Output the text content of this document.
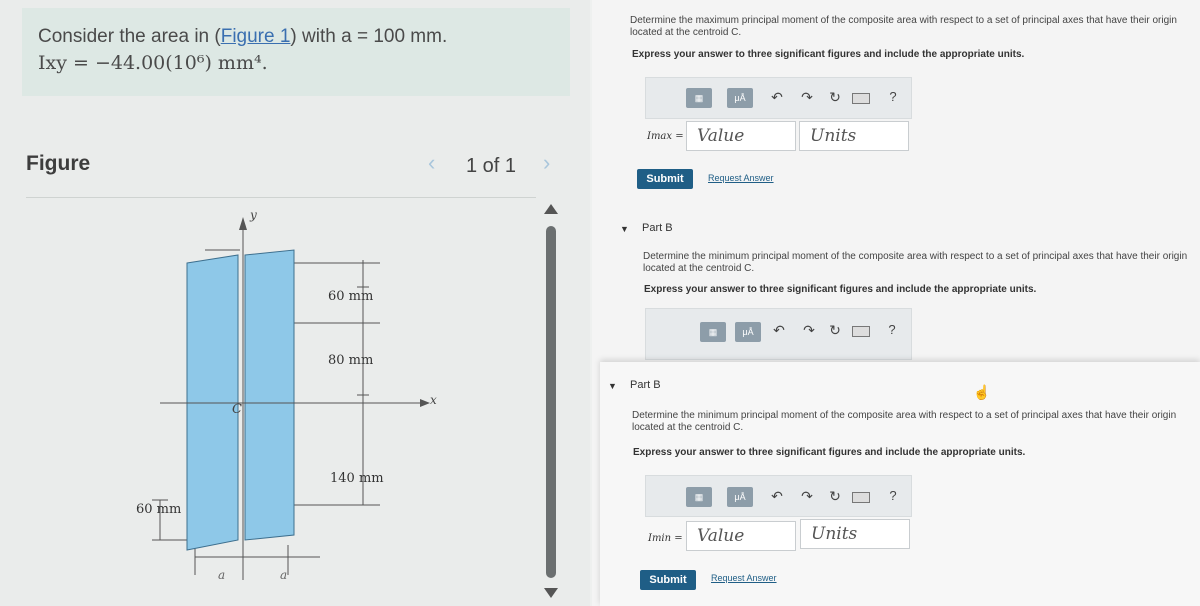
Consider the area in (Figure 1) with a = 100 mm.
Ixy = −44.00(10⁶) mm⁴.
Figure	‹ 1 of 1 ›
y
x
C
60 mm
80 mm
140 mm
60 mm
a	a
Determine the maximum principal moment of the composite area with respect to a set of principal axes that have their origin
located at the centroid C.
Express your answer to three significant figures and include the appropriate units.
▦	μÅ	↶ ↷ ↻	?
Imax = Value	Units
Submit	Request Answer
▼ Part B
Determine the minimum principal moment of the composite area with respect to a set of principal axes that have their origin
located at the centroid C.
Express your answer to three significant figures and include the appropriate units.
▦	μÅ	↶ ↷ ↻	?
▼ Part B	☝
Determine the minimum principal moment of the composite area with respect to a set of principal axes that have their origin
located at the centroid C.
Express your answer to three significant figures and include the appropriate units.
▦	μÅ	↶ ↷ ↻	?
Imin = Value	Units
Submit	Request Answer
